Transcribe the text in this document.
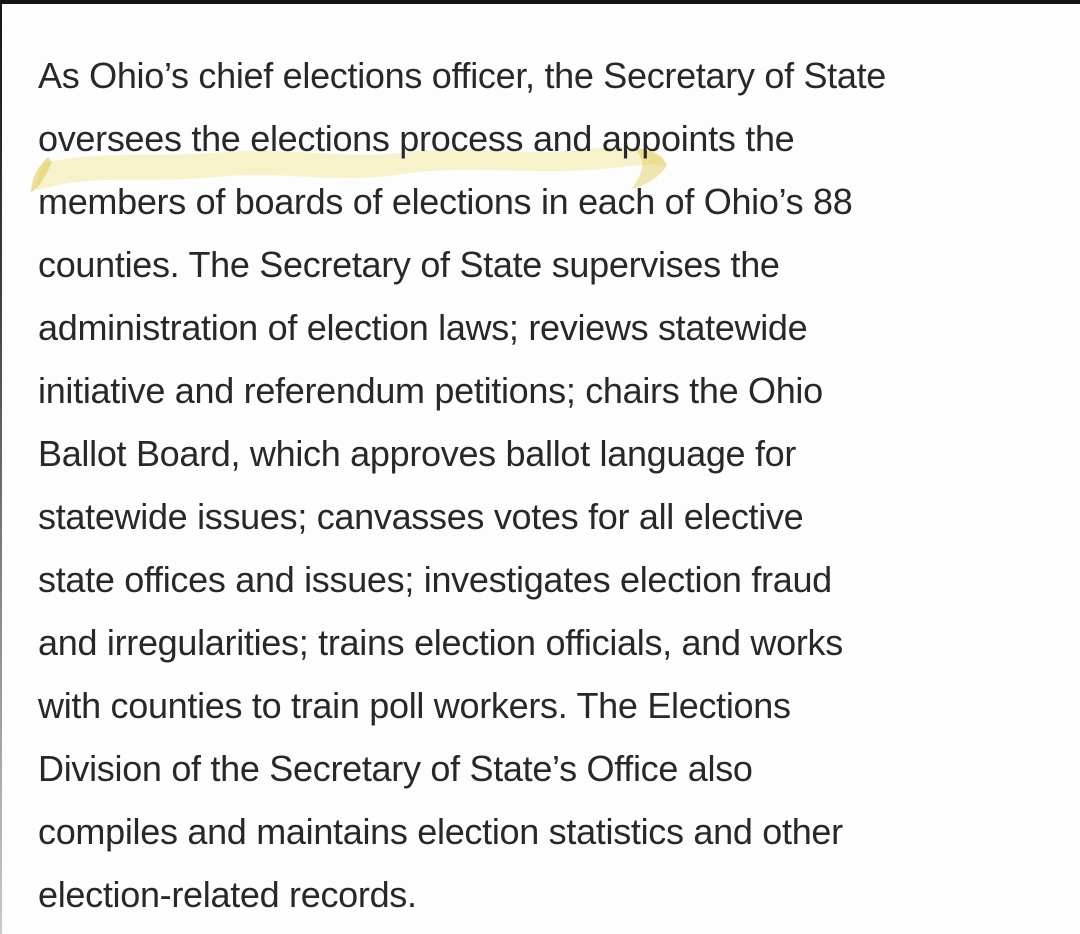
As Ohio’s chief elections officer, the Secretary of State
oversees the elections process and appoints the
members of boards of elections in each of Ohio’s 88
counties. The Secretary of State supervises the
administration of election laws; reviews statewide
initiative and referendum petitions; chairs the Ohio
Ballot Board, which approves ballot language for
statewide issues; canvasses votes for all elective
state offices and issues; investigates election fraud
and irregularities; trains election officials, and works
with counties to train poll workers. The Elections
Division of the Secretary of State’s Office also
compiles and maintains election statistics and other
election-related records.
